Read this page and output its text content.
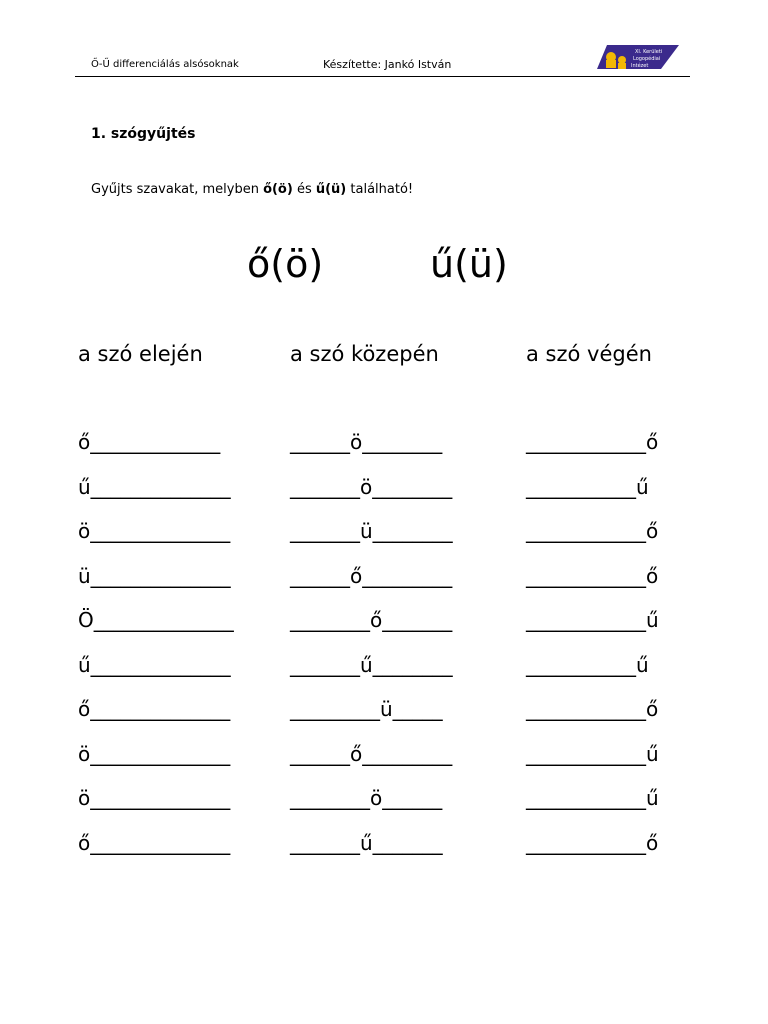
Ő-Ű differenciálás alsósoknak	Készítette: Jankó István
XI. Kerületi
Logopédiai
Intézet
1. szógyűjtés
Gyűjts szavakat, melyben ő(ö) és ű(ü) található!
ő(ö)	ű(ü)
a szó elején	a szó közepén	a szó végén
ő_____________	______ö________	____________ő
ű______________	_______ö________	___________ű
ö______________	_______ü________	____________ő
ü______________	______ő_________	____________ő
Ö______________	________ő_______	____________ű
ű______________	_______ű________	___________ű
ő______________	_________ü_____	____________ő
ö______________	______ő_________	____________ű
ö______________	________ö______	____________ű
ő______________	_______ű_______	____________ő
